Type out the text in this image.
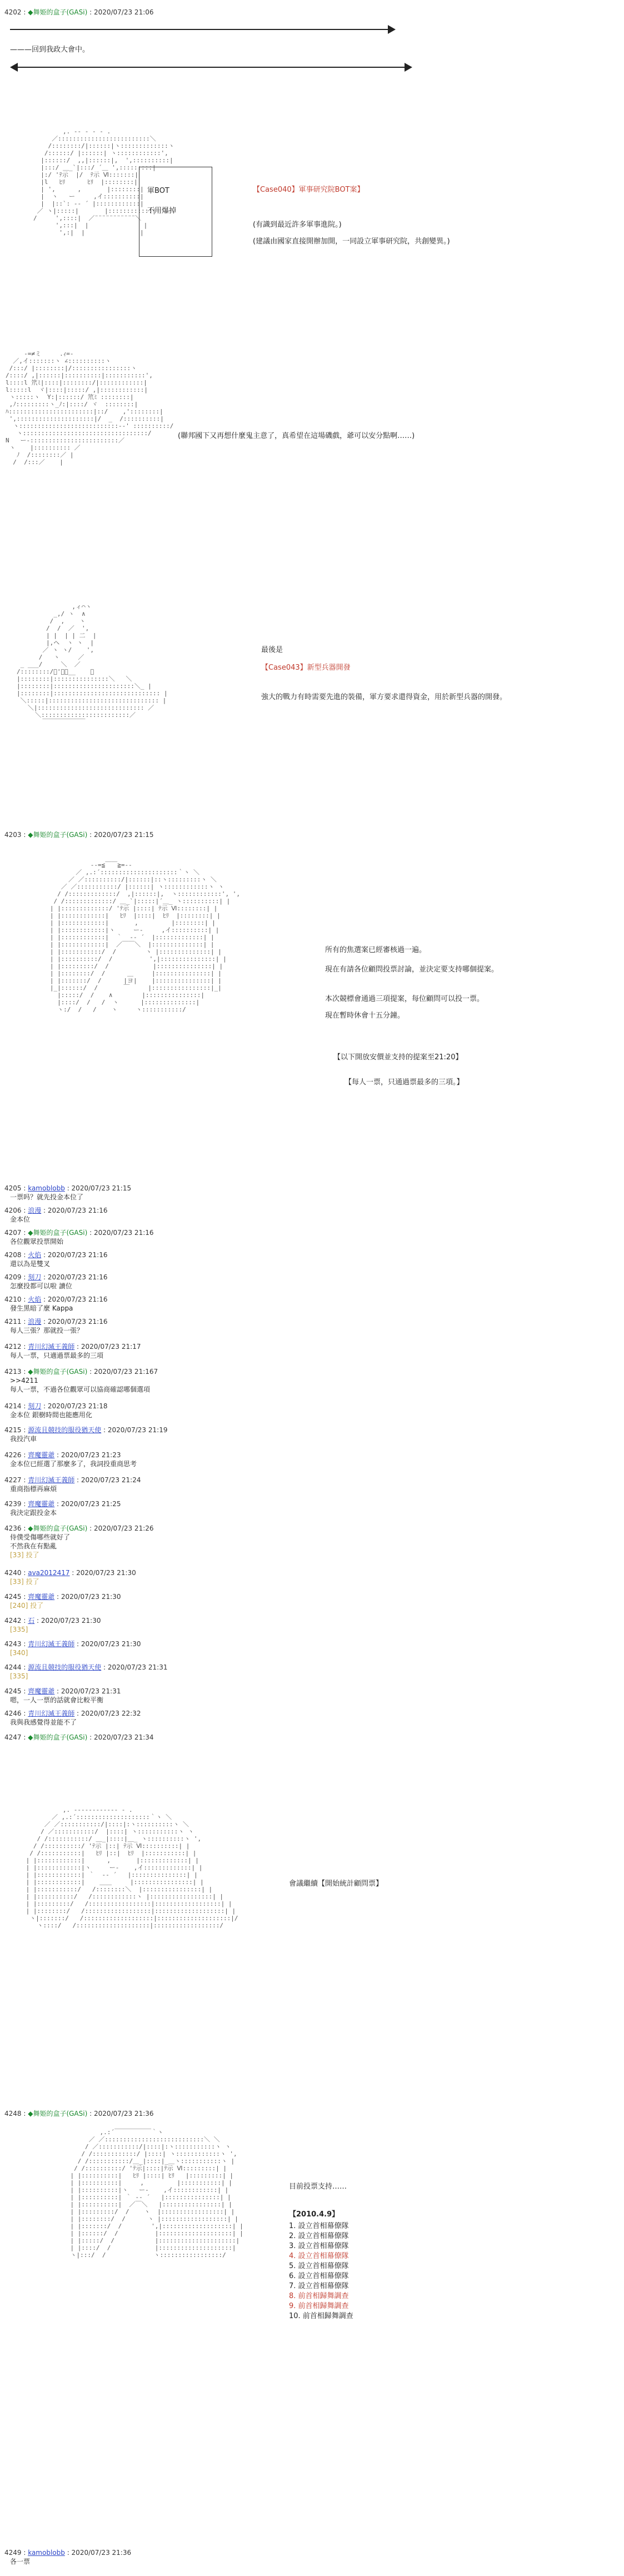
4202 : ◆舞姫的盒子(GASi) : 2020/07/23 21:06
———回到我政大會中。
,. -‐ ‐ ‐ - .
／:::::::::::::::::::::::::＼
/::::::::/|::::::|ヽ:::::::::::::ヽ
/::::::/ |::::::| ヽ::::::::::::',
|::::::/  ,,|::::::|,  ',::::::::::|
|:::/ ＿_`|:::/ ´＿ ',:::::::::|
|:/ 'ﾃ示  |/  ﾃ示 Ⅵ:::::::|
|l   ﾋﾘ      ﾋﾘ  |::::::::|
| ',      ,       |::::::::|
|  ヽ   ー     ,イ::::::::::|
|  |::`: ‐‐ ´ |::::::::::::|
／ ヽ|:::::|       |::::::::::::|
/     ',::::|  ／¨¨¨¨¨¨¨¨¨¨¨＼
',:::|  |               |
',:|  |               |
軍BOT

不用爆掉
【Case040】軍事研究院BOT案】
(有識到最近許多軍事進院。)
(建議由國家直接開辦加開，一同設立軍事研究院，共創變異。)
‐=≠ミ     .ｨ=‐
／,イ:::::::ヽ ∠::::::::::ヽ
/:::/ |::::::::|/::::::::::::::::ヽ
/::::/ ,|::::::|::::::::::|:::::::::::',
l::::l 笊ﾐ|::::|::::::::/|::::::::::::|
l:::::l  ヾ|::::|:::::/ ,|::::::::::::|
ヽ:::::ヽ  Y:|::::::/ 笊ﾐ ::::::::|
,ﾉ:::::::::ヽ_ﾉ:|::::/ ヾ  ::::::::|
ﾊ:::::::::::::::::::::::|::/    ,'::::::::|
',:::::::::::::::::::::|/  _  /::::::::::|
ヽ:::::::::::::::::::::::::::-‐' ::::::::::/
ヽ::::::::::::::::::::::::::::::::::/
N   ー-::::::::::::::::::::::::／
ヽ    |:::::::::: ／
ﾉ  /::::::::／ |
/  /:::／    |
(聯邦國下又再想什麼鬼主意了，真希望在這場磯戲，爺可以安分點啊……)
,ィ⌒ヽ
_,/ ヽ  ∧
/  ,    ヽ
/  /  ／  ',
| |  | | 二  |
|,ヘ  ヽ ヽ  |
／ ヽ ヽ/    ',
/   ヽ     ／
_ ___/     ＼  ／
/::::::::/ﾞ'ー、__    ＼
|::::::::|:::::::::::::::＼   ＼
|::::::::|::::::::::::::::::::::＼_ |
|::::::::|::::::::::::::::::::::::::::: |
＼:::::|:::::::::::::::::::::::::::::: |
＼|::::::::::::::::::::::::::::: ／
＼::::::::::::::::::::::::／
￣￣￣￣￣￣￣
最後是
【Case043】新型兵器開發
強大的戰力有時需要先進的裝備，軍方要求還得資金，用於新型兵器的開發。
4203 : ◆舞姫的盒子(GASi) : 2020/07/23 21:15
-‐=≦￣￣≧=‐-
／ ,.:´:::::::::::::::::::::｀ヽ ＼
／ ／::::::::::/|::::::|::ヽ:::::::::ヽ ＼
／ ／:::::::::::/ |::::::| ヽ::::::::::::ヽ ヽ
/ /:::::::::::::/  ,|::::::|,  ヽ::::::::::::', ',
/ /:::::::::::::/ ＿_`|:::::|´＿_ ヽ::::::::::| |
| |:::::::::::::/ 'ﾃ示 |::::| ﾃ示 Ⅵ::::::::| |
| |::::::::::::|   ﾋﾘ  |::::|  ﾋﾘ  |::::::::| |
| |::::::::::::|       ,         |::::::::| |
| |::::::::::::|ヽ     ー-     ,イ::::::::::| |
| |::::::::::::|  ｀  ‐‐ ´  |:::::::::::::| |
| |::::::::::::|  ／￣￣＼  |::::::::::::::| |
| |:::::::::::/  /        ヽ |::::::::::::::| |
| |::::::::::/  /          ',|:::::::::::::::| |
| |:::::::::/  /            |:::::::::::::::| |
| |::::::::/  /      ＿     |:::::::::::::::| |
| |:::::::/  /      |ヨ|    |:::::::::::::::| |
|_|::::::/  /       ￣     |::::::::::::::::|_|
|:::::/  /    ∧        |:::::::::::::::|
|::::/  /   /  ヽ      |::::::::::::::|
ヽ:/  /   /    ヽ     ヽ:::::::::::/
所有的焦選案已經審核過一遍。
現在有請各位顧問投票討論，並決定要支持哪個提案。
本次競標會通過三項提案，每位顧問可以投一票。
現在暫時休會十五分鐘。
【以下開放安價並支持的提案至21:20】
【每人一票，只通過票最多的三項。】
4205 : kamoblobb : 2020/07/23 21:15
一票吗？就先投金本位了
4206 : 浪漫 : 2020/07/23 21:16
金本位
4207 : ◆舞姫的盒子(GASi) : 2020/07/23 21:16
各位觀眾投票開始
4208 : 火焰 : 2020/07/23 21:16
還以為是雙叉
4209 : 刻刀 : 2020/07/23 21:16
怎麼投都可以啦 讀位
4210 : 火焰 : 2020/07/23 21:16
發生黑暗了麼 Kappa
4211 : 浪漫 : 2020/07/23 21:16
每人三張？那就投一張？
4212 : 青川幻滅王義師 : 2020/07/23 21:17
每人一票，只適過票最多的三項
4213 : ◆舞姫的盒子(GASi) : 2020/07/23 21:167
>>4211
每人一票，不過各位觀眾可以協商確認哪個選項
4214 : 刻刀 : 2020/07/23 21:18
金本位 銀樹時間也能應用化
4215 : 源流且競技的服役猶天使 : 2020/07/23 21:19
我投汽車
4226 : 齊魔靈爺 : 2020/07/23 21:23
金本位已經選了那麼多了，我詞投重商思考
4227 : 青川幻滅王義師 : 2020/07/23 21:24
重商指標再麻煩
4239 : 齊魔靈爺 : 2020/07/23 21:25
我決定跟投金本
4236 : ◆舞姫的盒子(GASi) : 2020/07/23 21:26
侍僕受傷哪些就好了
不然我在有點亂
[33] 投了
4240 : ava2012417 : 2020/07/23 21:30
[33] 投了
4245 : 齊魔靈爺 : 2020/07/23 21:30
[240] 投了
4242 : 石 : 2020/07/23 21:30
[335]
4243 : 青川幻滅王義師 : 2020/07/23 21:30
[340]
4244 : 源流且競技的服役猶天使 : 2020/07/23 21:31
[335]
4245 : 齊魔靈爺 : 2020/07/23 21:31
嗯，一人一票的話就會比較平衡
4246 : 青川幻滅王義師 : 2020/07/23 22:32
我與我感覺得並能不了
4247 : ◆舞姫的盒子(GASi) : 2020/07/23 21:34
,. -‐‐‐‐‐‐‐‐‐‐‐ - .
／ ,.:´::::::::::::::::::::｀ヽ ＼
／ ／:::::::::::/|::::|:ヽ::::::::::ヽ ＼
/ ／:::::::::::/  |::::| ヽ:::::::::::ヽ ヽ
/ /:::::::::::/ ＿_|::::|＿_ ヽ::::::::::ヽ ',
/ /::::::::::/ 'ﾃ示 |::| ﾃ示 Ⅵ::::::::::| |
/ /:::::::::::|   ﾋﾘ |::|  ﾋﾘ  |:::::::::::| |
| |::::::::::::|      ,       |:::::::::::::| |
| |::::::::::::|ヽ     ー-    ,イ:::::::::::::| |
| |::::::::::::| ｀  ‐‐ ´   |:::::::::::::::| |
| |::::::::::::|    ＿＿     |::::::::::::::::| |
| |:::::::::::/   /::::::::＼  |::::::::::::::::| |
| |::::::::::/   /::::::::::::ヽ |:::::::::::::::::| |
| |:::::::::/   /:::::::::::::::::|::::::::::::::::::| |
| |::::::::/   /::::::::::::::::::|:::::::::::::::::::| |
ヽ|:::::::/   /:::::::::::::::::::|::::::::::::::::::::|/
ヽ::::/   /::::::::::::::::::::|::::::::::::::::::/
會議繼續【開始統計顧問票】
4248 : ◆舞姫的盒子(GASi) : 2020/07/23 21:36
,.:´￣￣￣￣￣￣｀ヽ
／ ／:::::::::::::::::::::::::::＼ ＼
/ ／:::::::::::/|::::|:ヽ:::::::::::ヽ ヽ
/ /::::::::::::/ |::::| ヽ::::::::::::ヽ ',
/ /:::::::::::/＿_|::::|_＿ヽ:::::::::::ヽ |
/ /::::::::::/ 'ﾃ示|::::|ﾃ示 Ⅵ:::::::::| |
| |::::::::::|   ﾋﾘ |::::| ﾋﾘ   |:::::::::| |
| |::::::::::|     ,         |:::::::::::| |
| |::::::::::|ヽ   ー-    ,イ::::::::::::| |
| |::::::::::| ｀ ‐‐ ´   |:::::::::::::::| |
| |::::::::::|  ／￣＼   |::::::::::::::::| |
| |:::::::::/  /    ヽ  |:::::::::::::::::| |
| |::::::::/  /      ヽ |::::::::::::::::::| |
| |:::::::/  /        ',|:::::::::::::::::::| |
| |::::::/  /          |::::::::::::::::::::| |
| |:::::/  /           |:::::::::::::::::::::|
| |::::/  /            |::::::::::::::::::::|
ヽ|:::/  /             ヽ:::::::::::::::::/
目前投票支持……
【2010.4.9】
1. 設立首相幕僚隊
2. 設立首相幕僚隊
3. 設立首相幕僚隊
4. 設立首相幕僚隊
5. 設立首相幕僚隊
6. 設立首相幕僚隊
7. 設立首相幕僚隊
8. 前首相歸舞調查
9. 前首相歸舞調查
10. 前首相歸舞調查
4249 : kamoblobb : 2020/07/23 21:36
各一票
